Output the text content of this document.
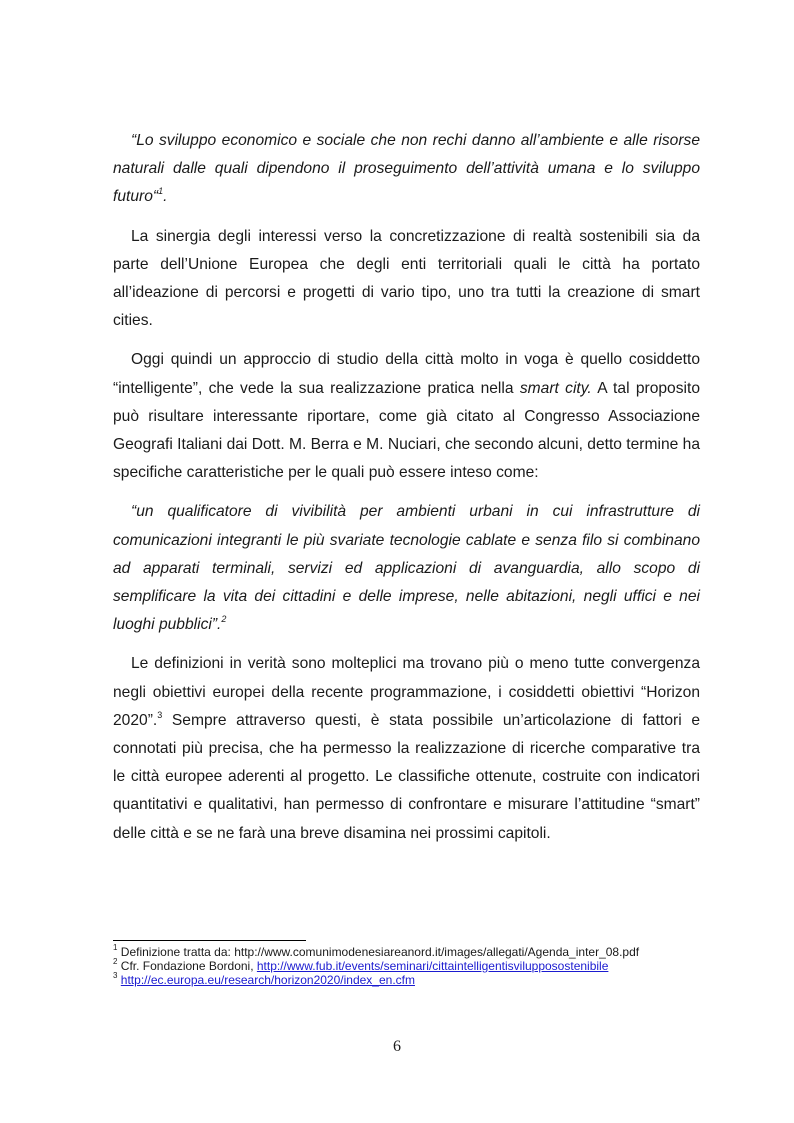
“Lo sviluppo economico e sociale che non rechi danno all’ambiente e alle risorse naturali dalle quali dipendono il proseguimento dell’attività umana e lo sviluppo futuro“$^1$.

La sinergia degli interessi verso la concretizzazione di realtà sostenibili sia da parte dell’Unione Europea che degli enti territoriali quali le città ha portato all’ideazione di percorsi e progetti di vario tipo, uno tra tutti la creazione di smart cities.

Oggi quindi un approccio di studio della città molto in voga è quello cosiddetto “intelligente”, che vede la sua realizzazione pratica nella smart city. A tal proposito può risultare interessante riportare, come già citato al Congresso Associazione Geografi Italiani dai Dott. M. Berra e M. Nuciari, che secondo alcuni, detto termine ha specifiche caratteristiche per le quali può essere inteso come:

“un qualificatore di vivibilità per ambienti urbani in cui infrastrutture di comunicazioni integranti le più svariate tecnologie cablate e senza filo si combinano ad apparati terminali, servizi ed applicazioni di avanguardia, allo scopo di semplificare la vita dei cittadini e delle imprese, nelle abitazioni, negli uffici e nei luoghi pubblici”.$^2$

Le definizioni in verità sono molteplici ma trovano più o meno tutte convergenza negli obiettivi europei della recente programmazione, i cosiddetti obiettivi “Horizon 2020”.$^3$ Sempre attraverso questi, è stata possibile un’articolazione di fattori e connotati più precisa, che ha permesso la realizzazione di ricerche comparative tra le città europee aderenti al progetto. Le classifiche ottenute, costruite con indicatori quantitativi e qualitativi, han permesso di confrontare e misurare l’attitudine “smart” delle città e se ne farà una breve disamina nei prossimi capitoli.

$^1$ Definizione tratta da: http://www.comunimodenesiareanord.it/images/allegati/Agenda_inter_08.pdf

$^2$ Cfr. Fondazione Bordoni, http://www.fub.it/events/seminari/cittaintelligentisvilupposostenibile

$^3$ http://ec.europa.eu/research/horizon2020/index_en.cfm

6
